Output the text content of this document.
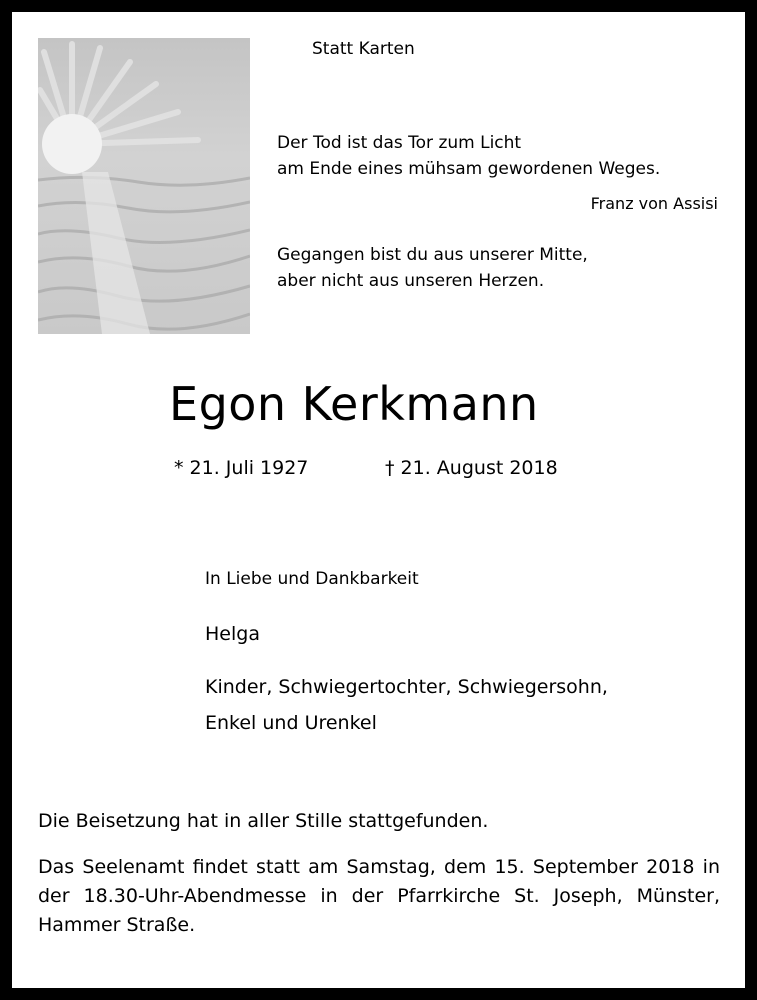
Statt Karten
Der Tod ist das Tor zum Licht
am Ende eines mühsam gewordenen Weges.
Franz von Assisi
Gegangen bist du aus unserer Mitte,
aber nicht aus unseren Herzen.
Egon Kerkmann
* 21. Juli 1927	† 21. August 2018
In Liebe und Dankbarkeit
Helga
Kinder, Schwiegertochter, Schwiegersohn,
Enkel und Urenkel
Die Beisetzung hat in aller Stille stattgefunden.
Das Seelenamt findet statt am Samstag, dem 15. September 2018 in der 18.30-Uhr-Abendmesse in der Pfarrkirche St. Joseph, Münster, Hammer Straße.
